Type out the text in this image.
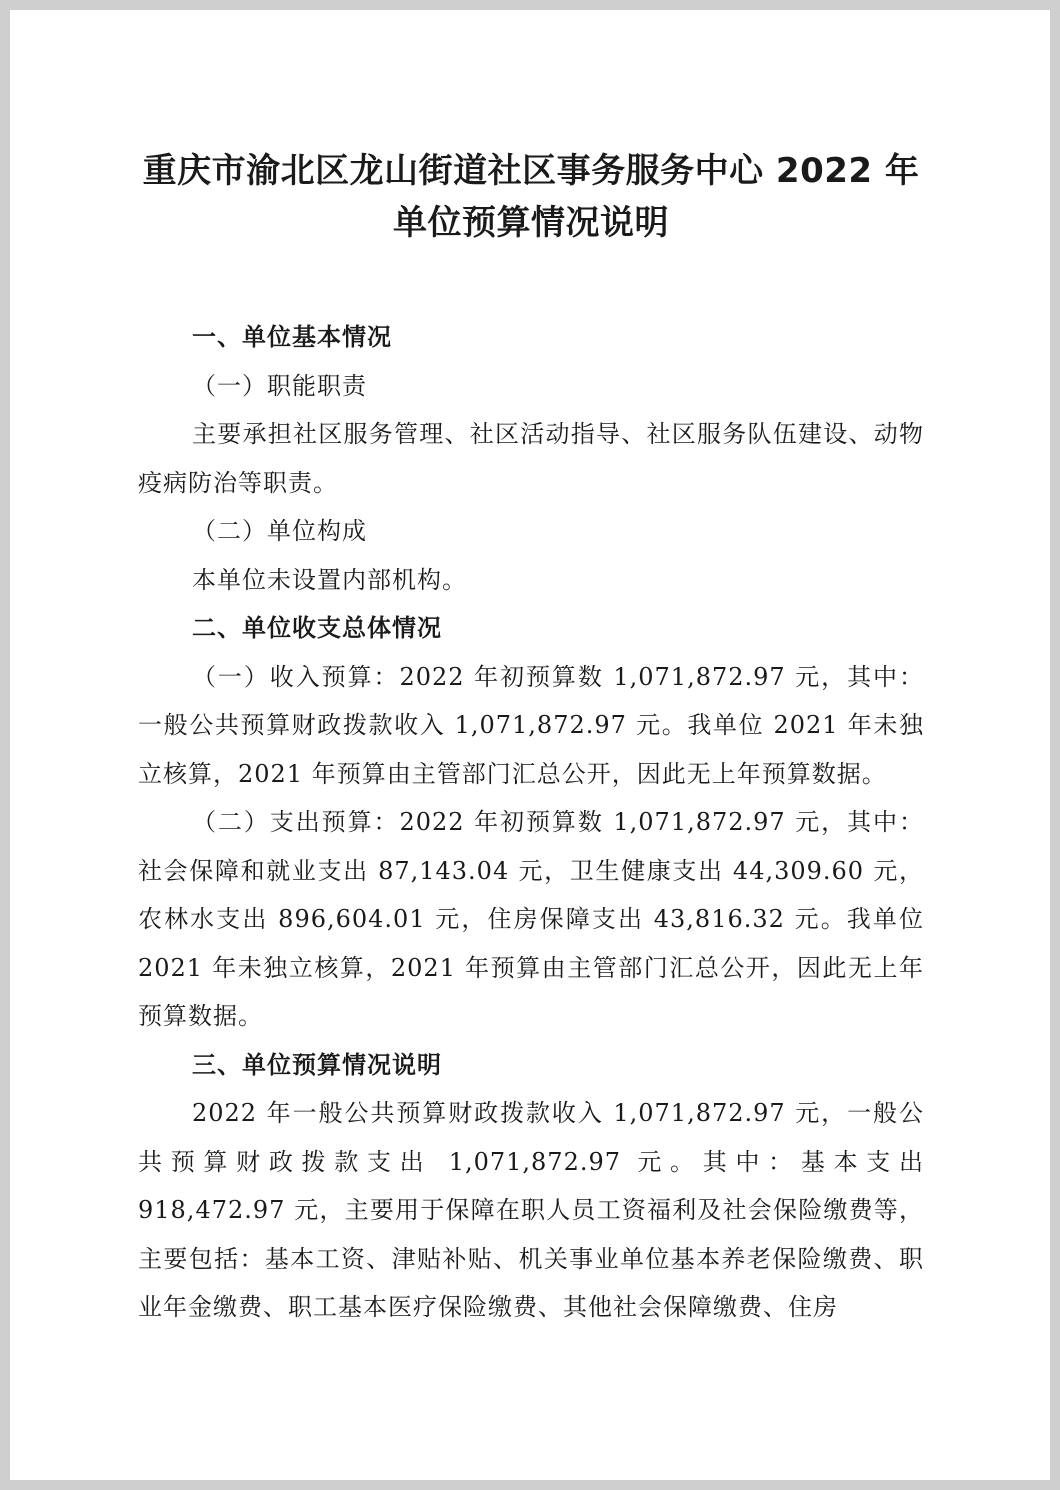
重庆市渝北区龙山街道社区事务服务中心 2022 年单位预算情况说明

一、单位基本情况

（一）职能职责

主要承担社区服务管理、社区活动指导、社区服务队伍建设、动物疫病防治等职责。

（二）单位构成

本单位未设置内部机构。

二、单位收支总体情况

（一）收入预算：2022 年初预算数 1,071,872.97 元，其中：一般公共预算财政拨款收入 1,071,872.97 元。我单位 2021 年未独立核算，2021 年预算由主管部门汇总公开，因此无上年预算数据。

（二）支出预算：2022 年初预算数 1,071,872.97 元，其中：社会保障和就业支出 87,143.04 元，卫生健康支出 44,309.60 元，农林水支出 896,604.01 元，住房保障支出 43,816.32 元。我单位 2021 年未独立核算，2021 年预算由主管部门汇总公开，因此无上年预算数据。

三、单位预算情况说明

2022 年一般公共预算财政拨款收入 1,071,872.97 元，一般公共预算财政拨款支出 1,071,872.97 元。其中：基本支出 918,472.97 元，主要用于保障在职人员工资福利及社会保险缴费等，主要包括：基本工资、津贴补贴、机关事业单位基本养老保险缴费、职业年金缴费、职工基本医疗保险缴费、其他社会保障缴费、住房
